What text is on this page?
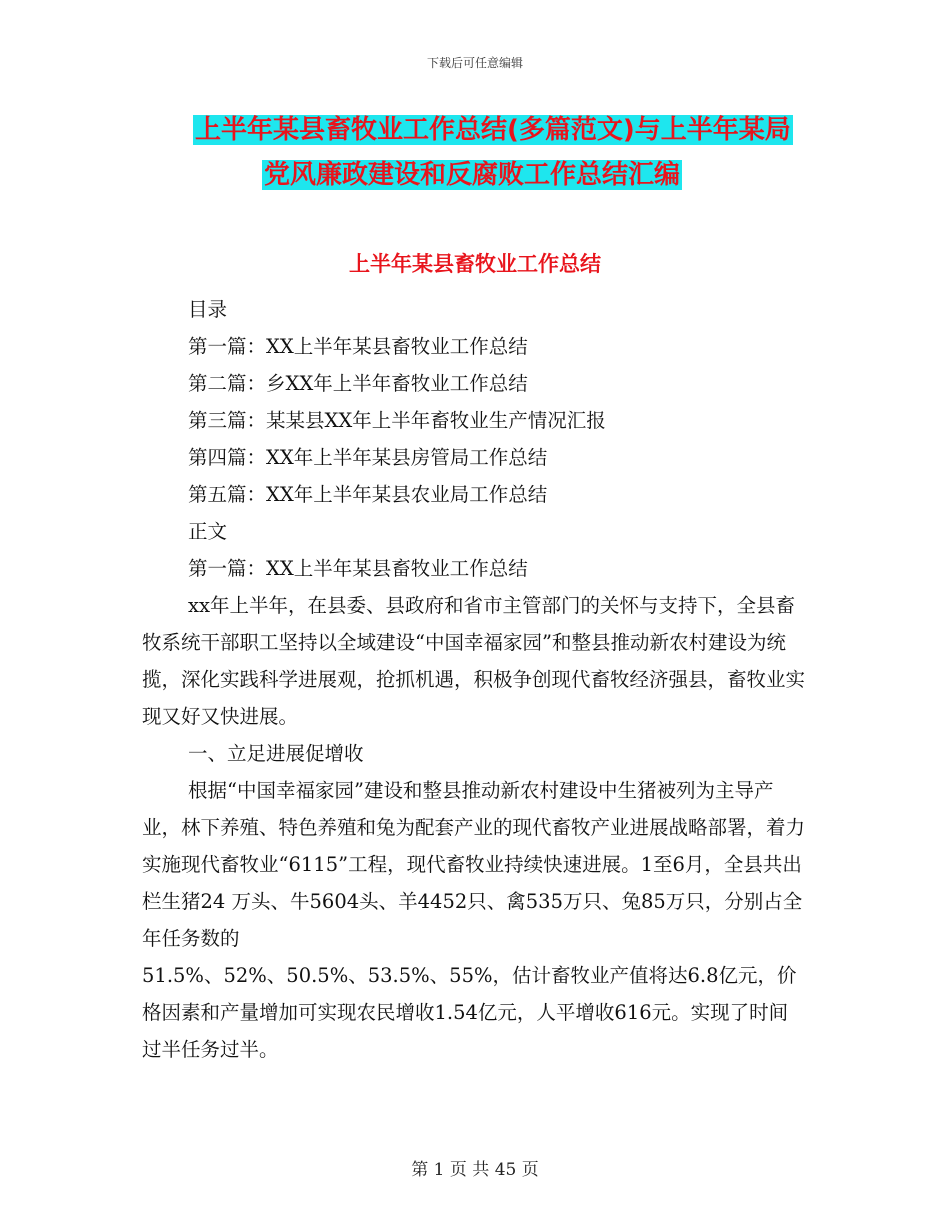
下载后可任意编辑
上半年某县畜牧业工作总结(多篇范文)与上半年某局
党风廉政建设和反腐败工作总结汇编
上半年某县畜牧业工作总结

目录

第一篇：XX上半年某县畜牧业工作总结

第二篇：乡XX年上半年畜牧业工作总结

第三篇：某某县XX年上半年畜牧业生产情况汇报

第四篇：XX年上半年某县房管局工作总结

第五篇：XX年上半年某县农业局工作总结

正文

第一篇：XX上半年某县畜牧业工作总结

xx年上半年，在县委、县政府和省市主管部门的关怀与支持下，全县畜牧系统干部职工坚持以全域建设“中国幸福家园”和整县推动新农村建设为统揽，深化实践科学进展观，抢抓机遇，积极争创现代畜牧经济强县，畜牧业实现又好又快进展。

一、立足进展促增收

根据“中国幸福家园”建设和整县推动新农村建设中生猪被列为主导产业，林下养殖、特色养殖和兔为配套产业的现代畜牧产业进展战略部署，着力实施现代畜牧业“6115”工程，现代畜牧业持续快速进展。1至6月，全县共出栏生猪24 万头、牛5604头、羊4452只、禽535万只、兔85万只，分别占全年任务数的

51.5%、52%、50.5%、53.5%、55%，估计畜牧业产值将达6.8亿元，价格因素和产量增加可实现农民增收1.54亿元，人平增收616元。实现了时间过半任务过半。

第 1 页 共 45 页
